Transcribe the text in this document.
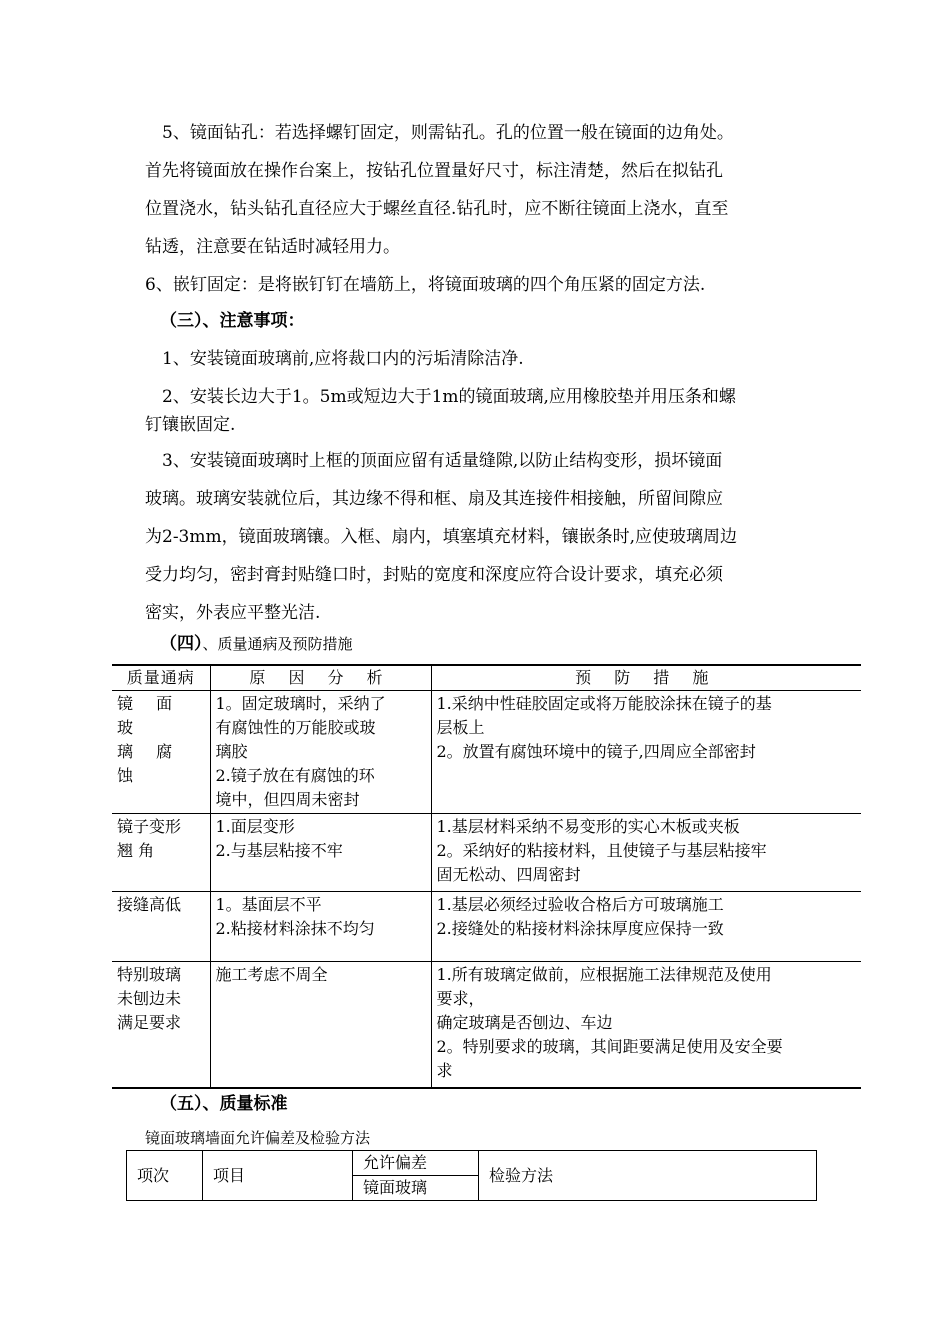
5、镜面钻孔：若选择螺钉固定，则需钻孔。孔的位置一般在镜面的边角处。

首先将镜面放在操作台案上，按钻孔位置量好尺寸，标注清楚，然后在拟钻孔

位置浇水，钻头钻孔直径应大于螺丝直径.钻孔时，应不断往镜面上浇水，直至

钻透，注意要在钻适时减轻用力。

6、嵌钉固定：是将嵌钉钉在墙筋上，将镜面玻璃的四个角压紧的固定方法.

（三）、注意事项：

1、安装镜面玻璃前,应将裁口内的污垢清除洁净.

2、安装长边大于1。5m或短边大于1m的镜面玻璃,应用橡胶垫并用压条和螺

钉镶嵌固定.

3、安装镜面玻璃时上框的顶面应留有适量缝隙,以防止结构变形，损坏镜面

玻璃。玻璃安装就位后，其边缘不得和框、扇及其连接件相接触，所留间隙应

为2-3mm，镜面玻璃镶。入框、扇内，填塞填充材料，镶嵌条时,应使玻璃周边

受力均匀，密封膏封贴缝口时，封贴的宽度和深度应符合设计要求，填充必须

密实，外表应平整光洁.

（四）、质量通病及预防措施

质量通病	原 因 分 析	预 防 措 施

镜 面 玻
璃 腐 蚀	1。固定玻璃时，采纳了
有腐蚀性的万能胶或玻
璃胶
2.镜子放在有腐蚀的环
境中，但四周未密封	1.采纳中性硅胶固定或将万能胶涂抹在镜子的基
层板上
2。放置有腐蚀环境中的镜子,四周应全部密封

镜子变形
翘 角	1.面层变形
2.与基层粘接不牢	1.基层材料采纳不易变形的实心木板或夹板
2。采纳好的粘接材料，且使镜子与基层粘接牢
固无松动、四周密封

接缝高低	1。基面层不平
2.粘接材料涂抹不均匀	1.基层必须经过验收合格后方可玻璃施工
2.接缝处的粘接材料涂抹厚度应保持一致

特别玻璃
未刨边未
满足要求	施工考虑不周全	1.所有玻璃定做前，应根据施工法律规范及使用
要求，
确定玻璃是否刨边、车边
2。特别要求的玻璃，其间距要满足使用及安全要
求

（五）、质量标准

镜面玻璃墙面允许偏差及检验方法

项次	项目	允许偏差	检验方法
镜面玻璃
